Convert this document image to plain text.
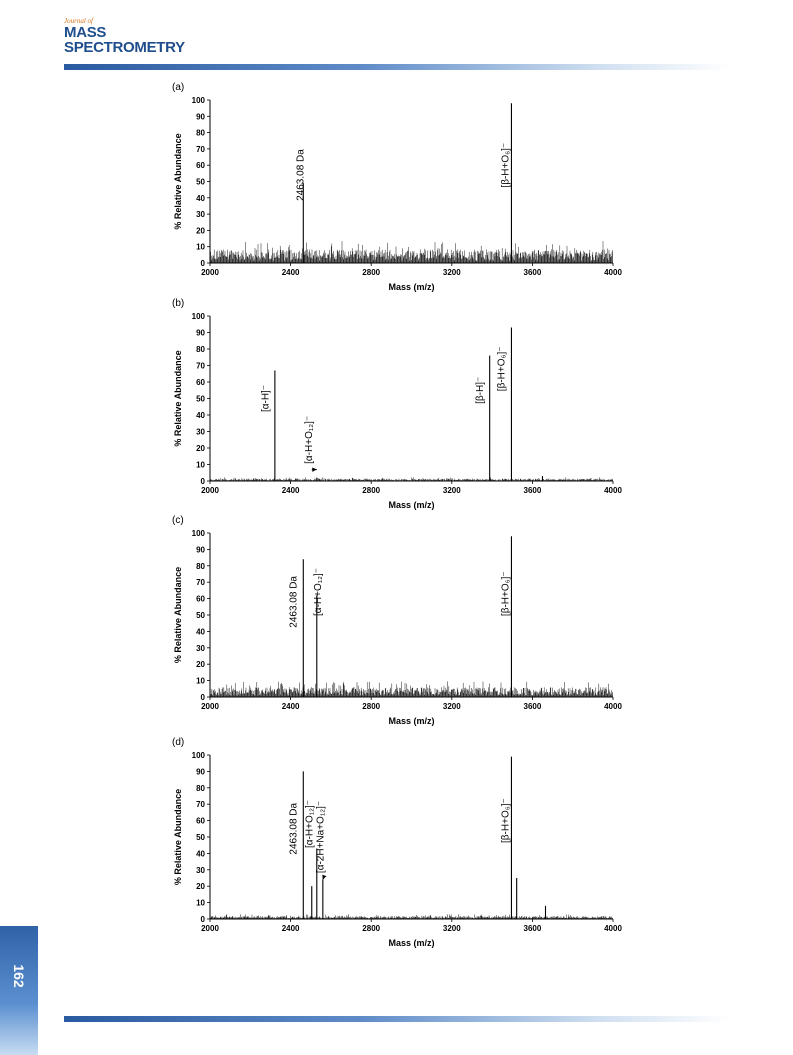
Journal of
MASS
SPECTROMETRY
(a)
0
10
20
30
40
50
60
70
80
90
100
2000	2400	2800	3200	3600	4000
Mass (m/z)
% Relative Abundance	2463.08 Da	[β-H+O₆]⁻
(b)
0
10
20
30
40
50
60
70
80
90
100
2000	2400	2800	3200	3600	4000
Mass (m/z)
% Relative Abundance	[α-H]⁻
[α-H+O₁₂]⁻
[β-H]⁻ [β-H+O₆]⁻
(c)
0
10
20
30
40
50
60
70
80
90
100
2000	2400	2800	3200	3600	4000
Mass (m/z)
% Relative Abundance	2463.08 Da [α-H+O₁₂]⁻	[β-H+O₆]⁻
(d)
0
10
20
30
40
50
60
70
80
90
100
2000	2400	2800	3200	3600	4000
Mass (m/z)
% Relative Abundance	2463.08 Da [α-H+O₁₂]⁻ [α-2H+Na+O₁₂]⁻	[β-H+O₆]⁻
162
